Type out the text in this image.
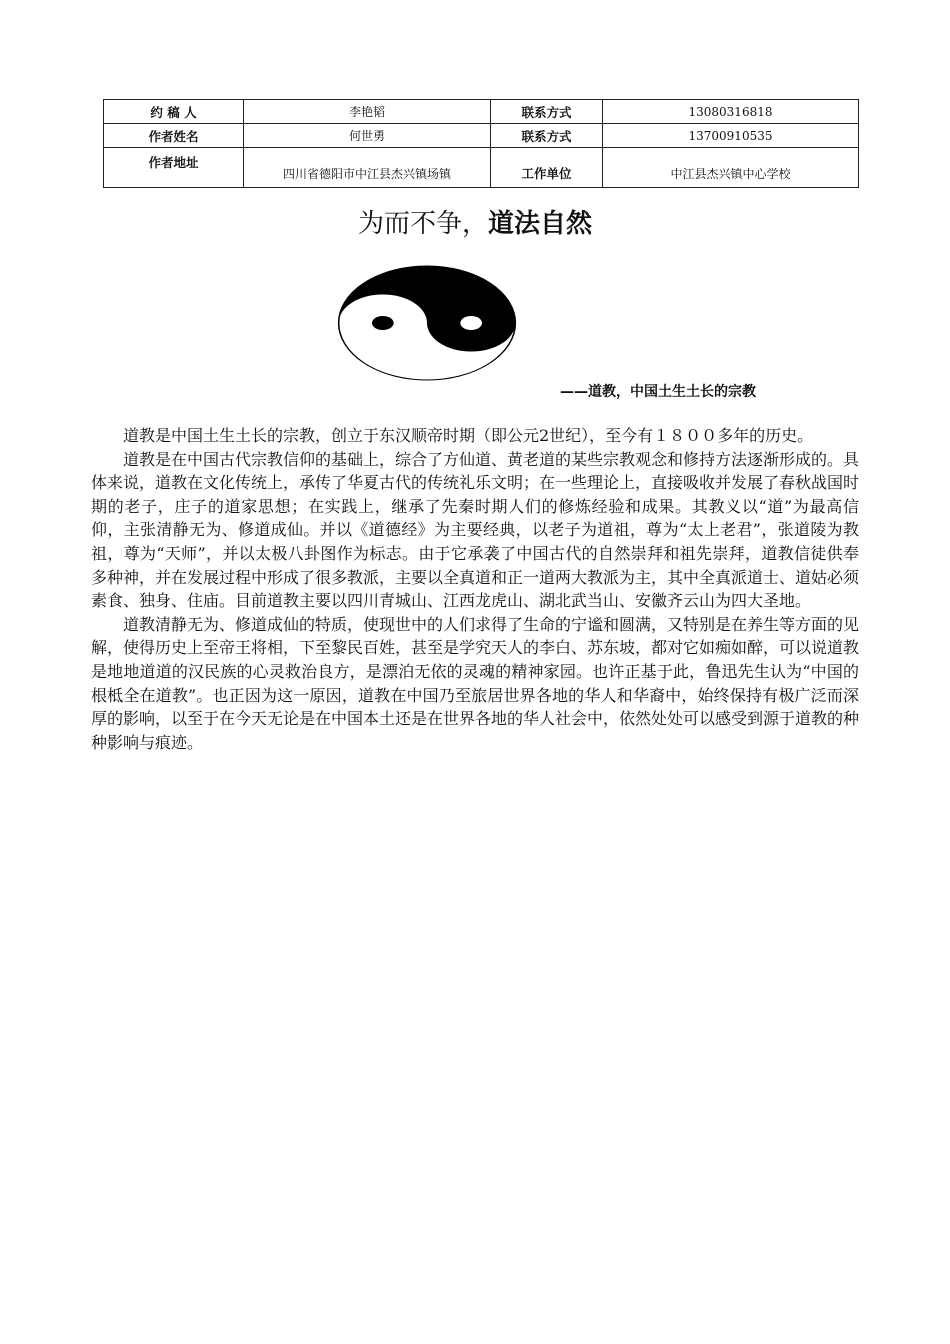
约 稿 人	李艳韬	联系方式	13080316818
作者姓名	何世勇	联系方式	13700910535
作者地址	四川省德阳市中江县杰兴镇场镇	工作单位	中江县杰兴镇中心学校
为而不争，道法自然
——道教，中国土生土长的宗教

道教是中国土生土长的宗教，创立于东汉顺帝时期（即公元2世纪），至今有１８００多年的历史。

道教是在中国古代宗教信仰的基础上，综合了方仙道、黄老道的某些宗教观念和修持方法逐渐形成的。具体来说，道教在文化传统上，承传了华夏古代的传统礼乐文明；在一些理论上，直接吸收并发展了春秋战国时期的老子，庄子的道家思想；在实践上，继承了先秦时期人们的修炼经验和成果。其教义以“道”为最高信仰，主张清静无为、修道成仙。并以《道德经》为主要经典，以老子为道祖，尊为“太上老君”，张道陵为教祖，尊为“天师”，并以太极八卦图作为标志。由于它承袭了中国古代的自然崇拜和祖先崇拜，道教信徒供奉多种神，并在发展过程中形成了很多教派，主要以全真道和正一道两大教派为主，其中全真派道士、道姑必须素食、独身、住庙。目前道教主要以四川青城山、江西龙虎山、湖北武当山、安徽齐云山为四大圣地。

道教清静无为、修道成仙的特质，使现世中的人们求得了生命的宁谧和圆满，又特别是在养生等方面的见解，使得历史上至帝王将相，下至黎民百姓，甚至是学究天人的李白、苏东坡，都对它如痴如醉，可以说道教是地地道道的汉民族的心灵救治良方，是漂泊无依的灵魂的精神家园。也许正基于此，鲁迅先生认为“中国的根柢全在道教”。也正因为这一原因，道教在中国乃至旅居世界各地的华人和华裔中，始终保持有极广泛而深厚的影响，以至于在今天无论是在中国本土还是在世界各地的华人社会中，依然处处可以感受到源于道教的种种影响与痕迹。
